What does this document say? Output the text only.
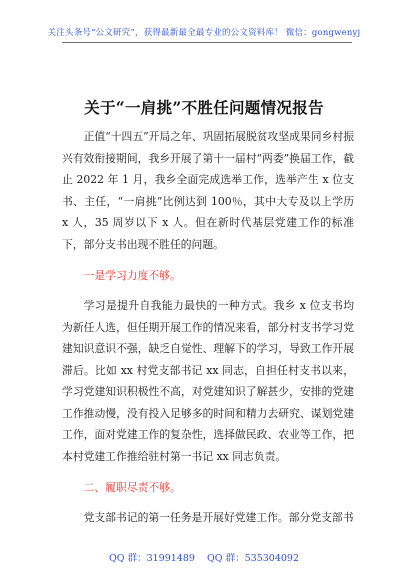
关注头条号“公文研究”，获得最新最全最专业的公文资料库！ 微信：gongwenyj
关于“一肩挑”不胜任问题情况报告

正值“十四五”开局之年、巩固拓展脱贫攻坚成果同乡村振兴有效衔接期间，我乡开展了第十一届村“两委”换届工作，截止 2022 年 1 月，我乡全面完成选举工作，选举产生 x 位支书、主任，“一肩挑”比例达到 100％，其中大专及以上学历 x 人，35 周岁以下 x 人。但在新时代基层党建工作的标准下，部分支书出现不胜任的问题。

一是学习力度不够。

学习是提升自我能力最快的一种方式。我乡 x 位支书均为新任人选，但任期开展工作的情况来看，部分村支书学习党建知识意识不强，缺乏自觉性、理解下的学习，导致工作开展滞后。比如 xx 村党支部书记 xx 同志，自担任村支书以来，学习党建知识积极性不高，对党建知识了解甚少，安排的党建工作推动慢，没有投入足够多的时间和精力去研究、谋划党建工作，面对党建工作的复杂性，选择做民政、农业等工作，把本村党建工作推给驻村第一书记 xx 同志负责。

二、履职尽责不够。

党支部书记的第一任务是开展好党建工作。部分党支部书

QQ 群：31991489 QQ 群：535304092
